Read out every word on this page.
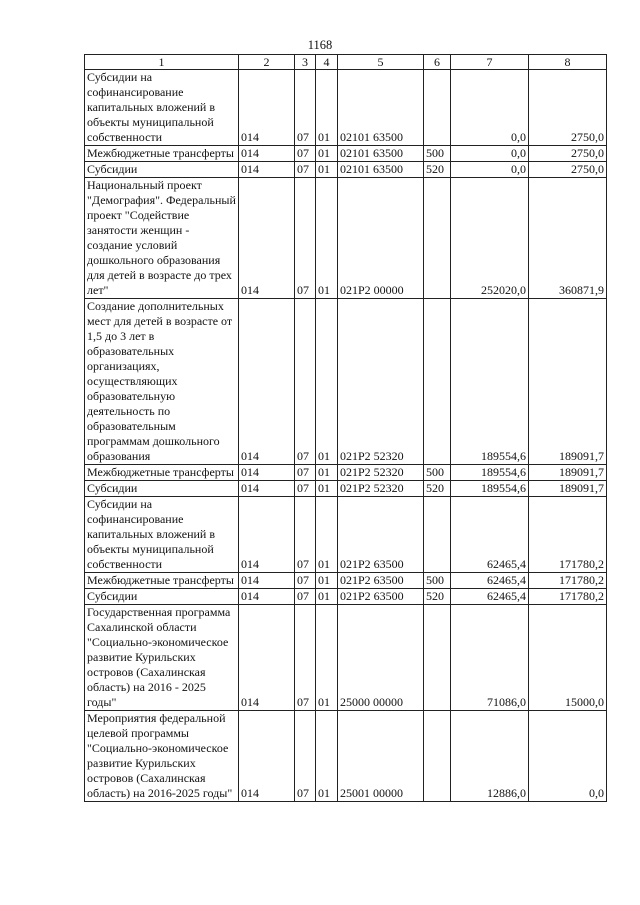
1168
1	2	3	4	5	6	7	8
Субсидии на софинансирование капитальных вложений в объекты муниципальной собственности	014	07	01	02101 63500		0,0	2750,0
Межбюджетные трансферты	014	07	01	02101 63500	500	0,0	2750,0
Субсидии	014	07	01	02101 63500	520	0,0	2750,0
Национальный проект "Демография". Федеральный проект "Содействие занятости женщин - создание условий дошкольного образования для детей в возрасте до трех лет"	014	07	01	021P2 00000		252020,0	360871,9
Создание дополнительных мест для детей в возрасте от 1,5 до 3 лет в образовательных организациях, осуществляющих образовательную деятельность по образовательным программам дошкольного образования	014	07	01	021P2 52320		189554,6	189091,7
Межбюджетные трансферты	014	07	01	021P2 52320	500	189554,6	189091,7
Субсидии	014	07	01	021P2 52320	520	189554,6	189091,7
Субсидии на софинансирование капитальных вложений в объекты муниципальной собственности	014	07	01	021P2 63500		62465,4	171780,2
Межбюджетные трансферты	014	07	01	021P2 63500	500	62465,4	171780,2
Субсидии	014	07	01	021P2 63500	520	62465,4	171780,2
Государственная программа Сахалинской области "Социально-экономическое развитие Курильских островов (Сахалинская область) на 2016 - 2025 годы"	014	07	01	25000 00000		71086,0	15000,0
Мероприятия федеральной целевой программы "Социально-экономическое развитие Курильских островов (Сахалинская область) на 2016-2025 годы"	014	07	01	25001 00000		12886,0	0,0
